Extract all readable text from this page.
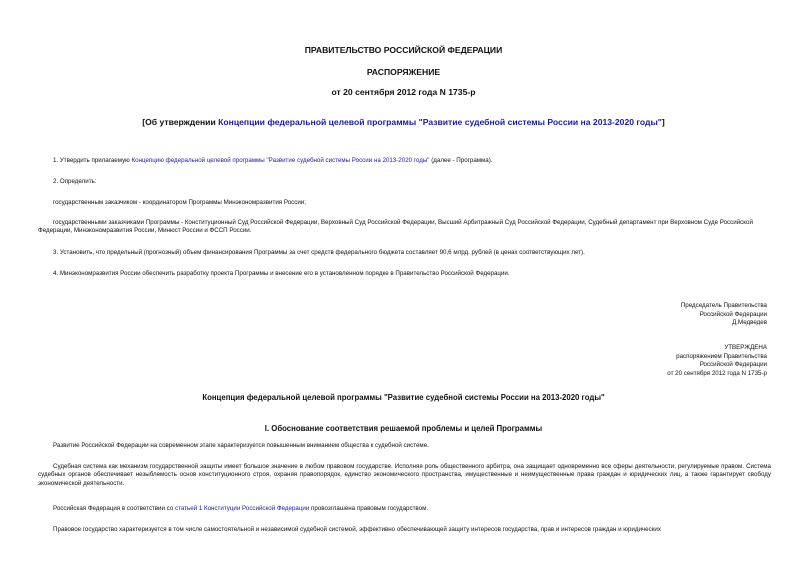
ПРАВИТЕЛЬСТВО РОССИЙСКОЙ ФЕДЕРАЦИИ
РАСПОРЯЖЕНИЕ
от 20 сентября 2012 года N 1735-р
[Об утверждении Концепции федеральной целевой программы "Развитие судебной системы России на 2013-2020 годы"]
1. Утвердить прилагаемую Концепцию федеральной целевой программы "Развитие судебной системы России на 2013-2020 годы" (далее - Программа).
2. Определить:
государственным заказчиком - координатором Программы Минэкономразвития России;
государственными заказчиками Программы - Конституционный Суд Российской Федерации, Верховный Суд Российской Федерации, Высший Арбитражный Суд Российской Федерации, Судебный департамент при Верховном Суде Российской Федерации, Минэкономразвития России, Минюст России и ФССП России.
3. Установить, что предельный (прогнозный) объем финансирования Программы за счет средств федерального бюджета составляет 90,6 млрд. рублей (в ценах соответствующих лет).
4. Минэкономразвития России обеспечить разработку проекта Программы и внесение его в установленном порядке в Правительство Российской Федерации.
Председатель Правительства
Российской Федерации
Д.Медведев
УТВЕРЖДЕНА
распоряжением Правительства
Российской Федерации
от 20 сентября 2012 года N 1735-р
Концепция федеральной целевой программы "Развитие судебной системы России на 2013-2020 годы"
I. Обоснование соответствия решаемой проблемы и целей Программы
Развитие Российской Федерации на современном этапе характеризуется повышенным вниманием общества к судебной системе.
Судебная система как механизм государственной защиты имеет большое значение в любом правовом государстве. Исполняя роль общественного арбитра, она защищает одновременно все сферы деятельности, регулируемые правом. Система судебных органов обеспечивает незыблемость основ конституционного строя, охраняя правопорядок, единство экономического пространства, имущественные и неимущественные права граждан и юридических лиц, а также гарантирует свободу экономической деятельности.
Российская Федерация в соответствии со статьей 1 Конституции Российской Федерации провозглашена правовым государством.
Правовое государство характеризуется в том числе самостоятельной и независимой судебной системой, эффективно обеспечивающей защиту интересов государства, прав и интересов граждан и юридических
